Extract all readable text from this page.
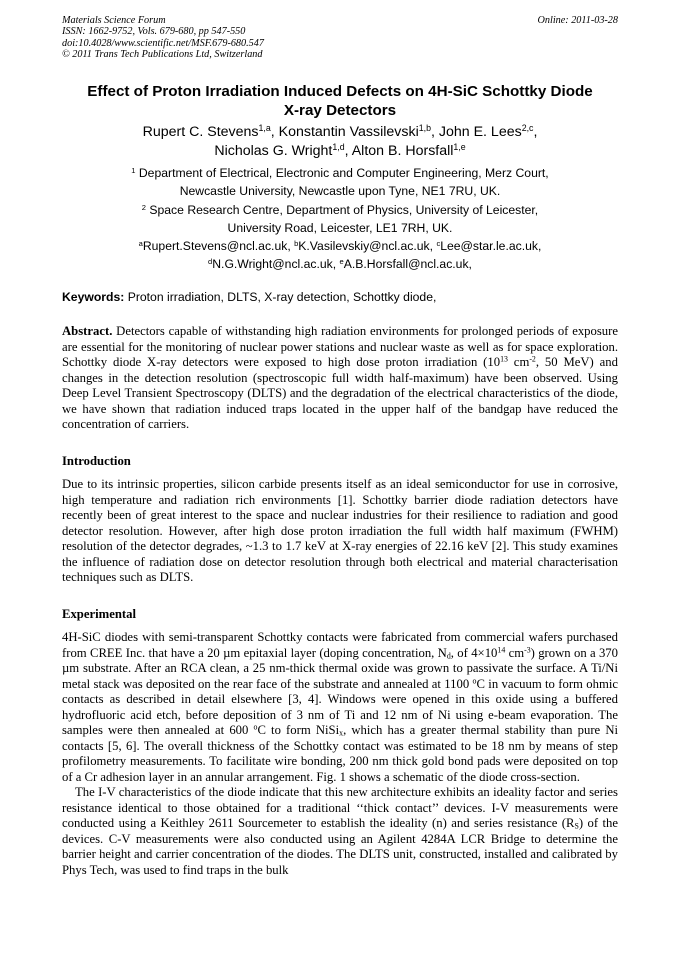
Materials Science Forum
ISSN: 1662-9752, Vols. 679-680, pp 547-550
doi:10.4028/www.scientific.net/MSF.679-680.547
© 2011 Trans Tech Publications Ltd, Switzerland
Online: 2011-03-28
Effect of Proton Irradiation Induced Defects on 4H-SiC Schottky Diode
X-ray Detectors
Rupert C. Stevens$^{1,a}$, Konstantin Vassilevski$^{1,b}$, John E. Lees$^{2,c}$,
Nicholas G. Wright$^{1,d}$, Alton B. Horsfall$^{1,e}$
$^1$ Department of Electrical, Electronic and Computer Engineering, Merz Court,
Newcastle University, Newcastle upon Tyne, NE1 7RU, UK.
$^2$ Space Research Centre, Department of Physics, University of Leicester,
University Road, Leicester, LE1 7RH, UK.
$^a$Rupert.Stevens@ncl.ac.uk, $^b$K.Vasilevskiy@ncl.ac.uk, $^c$Lee@star.le.ac.uk,
$^d$N.G.Wright@ncl.ac.uk, $^e$A.B.Horsfall@ncl.ac.uk,
Keywords: Proton irradiation, DLTS, X-ray detection, Schottky diode,
Abstract. Detectors capable of withstanding high radiation environments for prolonged periods of exposure are essential for the monitoring of nuclear power stations and nuclear waste as well as for space exploration. Schottky diode X-ray detectors were exposed to high dose proton irradiation ($10^{13}$ $cm^{-2}$, 50 MeV) and changes in the detection resolution (spectroscopic full width half-maximum) have been observed. Using Deep Level Transient Spectroscopy (DLTS) and the degradation of the electrical characteristics of the diode, we have shown that radiation induced traps located in the upper half of the bandgap have reduced the concentration of carriers.
Introduction
Due to its intrinsic properties, silicon carbide presents itself as an ideal semiconductor for use in corrosive, high temperature and radiation rich environments [1]. Schottky barrier diode radiation detectors have recently been of great interest to the space and nuclear industries for their resilience to radiation and good detector resolution. However, after high dose proton irradiation the full width half maximum (FWHM) resolution of the detector degrades, ~1.3 to 1.7 keV at X-ray energies of 22.16 keV [2]. This study examines the influence of radiation dose on detector resolution through both electrical and material characterisation techniques such as DLTS.
Experimental
4H-SiC diodes with semi-transparent Schottky contacts were fabricated from commercial wafers purchased from CREE Inc. that have a 20 µm epitaxial layer (doping concentration, $N_d$, of $4\times 10^{14}$ $cm^{-3}$) grown on a 370 µm substrate. After an RCA clean, a 25 nm-thick thermal oxide was grown to passivate the surface. A Ti/Ni metal stack was deposited on the rear face of the substrate and annealed at 1100 $^o$C in vacuum to form ohmic contacts as described in detail elsewhere [3, 4]. Windows were opened in this oxide using a buffered hydrofluoric acid etch, before deposition of 3 nm of Ti and 12 nm of Ni using e-beam evaporation. The samples were then annealed at 600 $^o$C to form NiSi$_x$, which has a greater thermal stability than pure Ni contacts [5, 6]. The overall thickness of the Schottky contact was estimated to be 18 nm by means of step profilometry measurements. To facilitate wire bonding, 200 nm thick gold bond pads were deposited on top of a Cr adhesion layer in an annular arrangement. Fig. 1 shows a schematic of the diode cross-section.
The I-V characteristics of the diode indicate that this new architecture exhibits an ideality factor and series resistance identical to those obtained for a traditional ‘‘thick contact’’ devices. I-V measurements were conducted using a Keithley 2611 Sourcemeter to establish the ideality (n) and series resistance $(R_S)$ of the devices. C-V measurements were also conducted using an Agilent 4284A LCR Bridge to determine the barrier height and carrier concentration of the diodes. The DLTS unit, constructed, installed and calibrated by Phys Tech, was used to find traps in the bulk
